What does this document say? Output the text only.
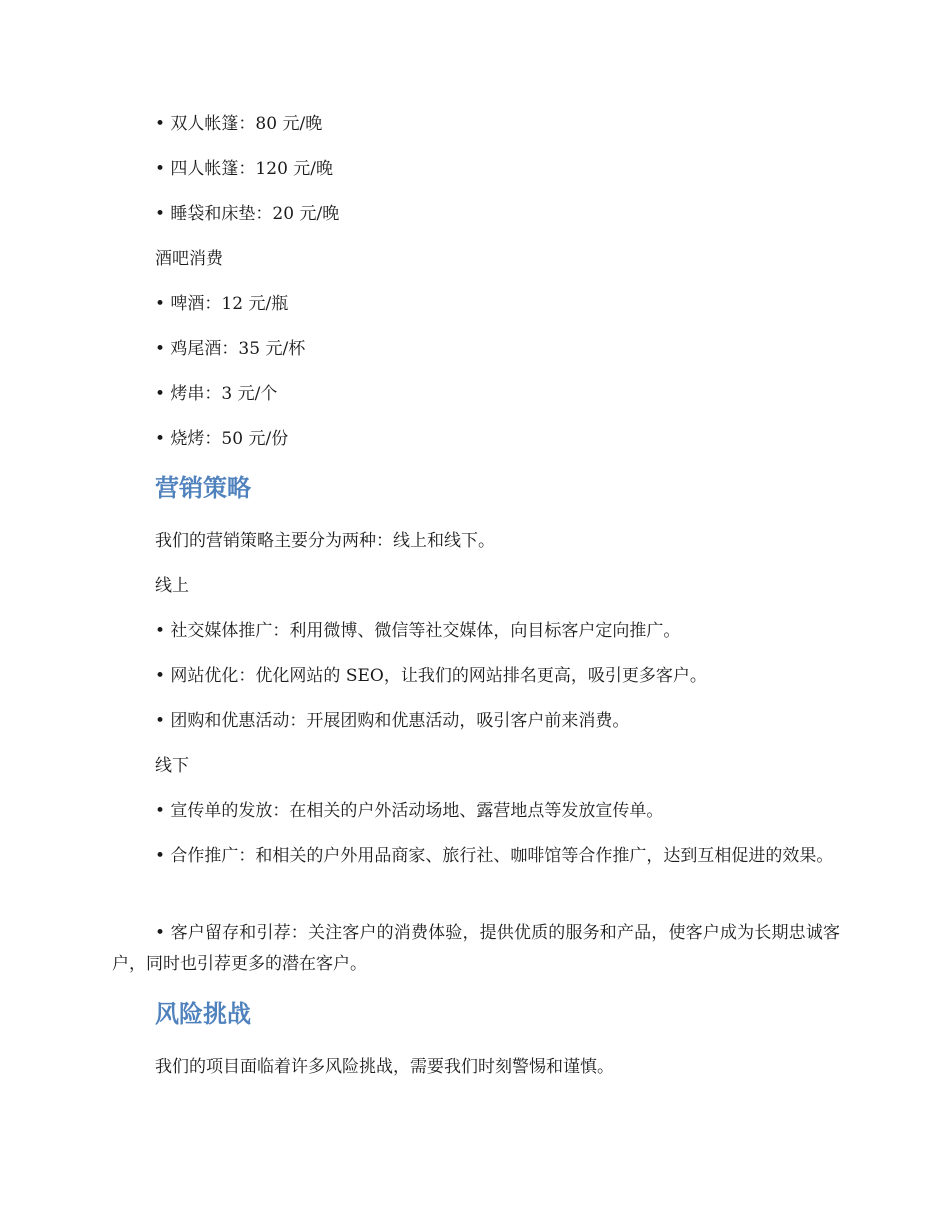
• 双人帐篷：80 元/晚
• 四人帐篷：120 元/晚
• 睡袋和床垫：20 元/晚
酒吧消费
• 啤酒：12 元/瓶
• 鸡尾酒：35 元/杯
• 烤串：3 元/个
• 烧烤：50 元/份
营销策略
我们的营销策略主要分为两种：线上和线下。
线上
• 社交媒体推广：利用微博、微信等社交媒体，向目标客户定向推广。
• 网站优化：优化网站的 SEO，让我们的网站排名更高，吸引更多客户。
• 团购和优惠活动：开展团购和优惠活动，吸引客户前来消费。
线下
• 宣传单的发放：在相关的户外活动场地、露营地点等发放宣传单。
• 合作推广：和相关的户外用品商家、旅行社、咖啡馆等合作推广，达到互相促进的效果。
• 客户留存和引荐：关注客户的消费体验，提供优质的服务和产品，使客户成为长期忠诚客户，同时也引荐更多的潜在客户。
风险挑战
我们的项目面临着许多风险挑战，需要我们时刻警惕和谨慎。
